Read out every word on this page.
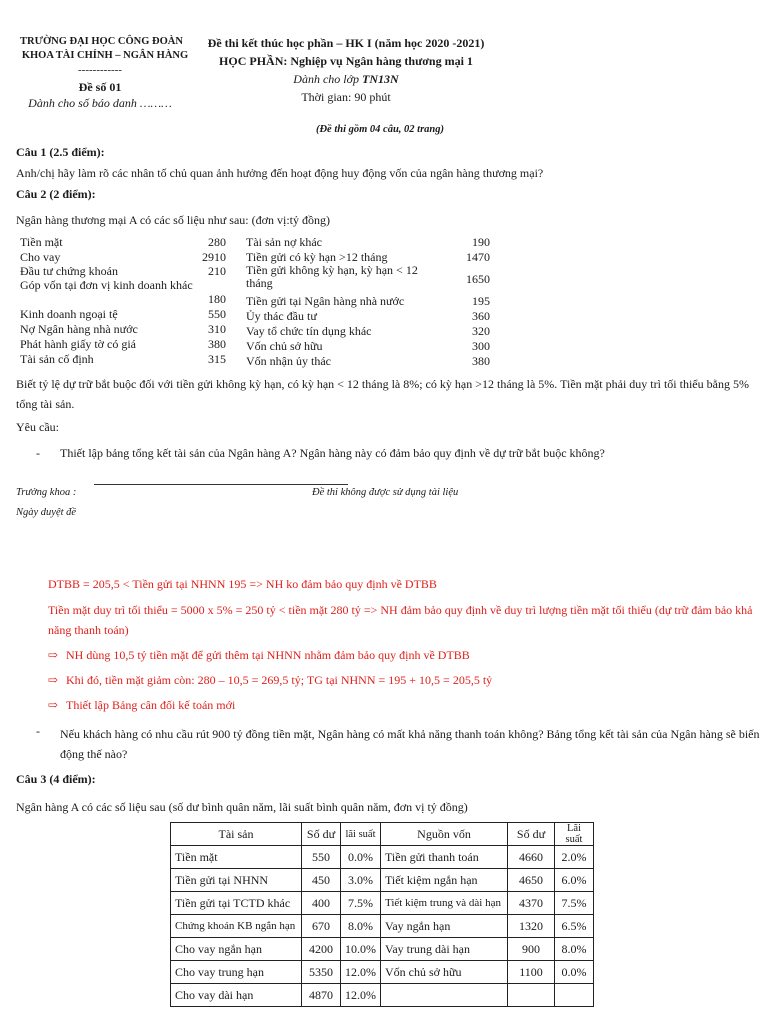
TRƯỜNG ĐẠI HỌC CÔNG ĐOÀN
KHOA TÀI CHÍNH – NGÂN HÀNG
------------
Đề số 01
Dành cho số báo danh ………
Đề thi kết thúc học phần – HK I (năm học 2020 -2021)
HỌC PHẦN: Nghiệp vụ Ngân hàng thương mại 1
Dành cho lớp TN13N
Thời gian: 90 phút
(Đề thi gồm 04 câu, 02 trang)
Câu 1 (2.5 điểm):
Anh/chị hãy làm rõ các nhân tố chủ quan ảnh hưởng đến hoạt động huy động vốn của ngân hàng thương mại?
Câu 2 (2 điểm):
Ngân hàng thương mại A có các số liệu như sau: (đơn vị:tỷ đồng)
Tiền mặt	280
Cho vay	2910
Đầu tư chứng khoán	210
Góp vốn tại đơn vị kinh doanh khác
180
Kinh doanh ngoại tệ	550
Nợ Ngân hàng nhà nước	310
Phát hành giấy tờ có giá	380
Tài sản cố định	315
Tài sản nợ khác	190
Tiền gửi có kỳ hạn >12 tháng	1470
Tiền gửi không kỳ hạn, kỳ hạn < 12 tháng	1650
Tiền gửi tại Ngân hàng nhà nước	195
Ủy thác đầu tư	360
Vay tổ chức tín dụng khác	320
Vốn chủ sở hữu	300
Vốn nhận ủy thác	380
Biết tỷ lệ dự trữ bắt buộc đối với tiền gửi không kỳ hạn, có kỳ hạn < 12 tháng là 8%; có kỳ hạn >12 tháng là 5%. Tiền mặt phải duy trì tối thiểu bằng 5% tổng tài sản.
Yêu cầu:
- Thiết lập bảng tổng kết tài sản của Ngân hàng A? Ngân hàng này có đảm bảo quy định về dự trữ bắt buộc không?
Trưởng khoa :	Đề thi không được sử dụng tài liệu
Ngày duyệt đề
DTBB = 205,5 < Tiền gửi tại NHNN 195 => NH ko đảm bảo quy định về DTBB
Tiền mặt duy trì tối thiểu = 5000 x 5% = 250 tỷ < tiền mặt 280 tỷ => NH đảm bảo quy định về duy trì lượng tiền mặt tối thiểu (dự trữ đảm bảo khả năng thanh toán)
⇨ NH dùng 10,5 tỷ tiền mặt để gửi thêm tại NHNN nhằm đảm bảo quy định về DTBB
⇨ Khi đó, tiền mặt giảm còn: 280 – 10,5 = 269,5 tỷ; TG tại NHNN = 195 + 10,5 = 205,5 tỷ
⇨ Thiết lập Bảng cân đối kế toán mới
- Nếu khách hàng có nhu cầu rút 900 tỷ đồng tiền mặt, Ngân hàng có mất khả năng thanh toán không? Bảng tổng kết tài sản của Ngân hàng sẽ biến động thế nào?
Câu 3 (4 điểm):
Ngân hàng A có các số liệu sau (số dư bình quân năm, lãi suất bình quân năm, đơn vị tỷ đồng)
Tài sản	Số dư	lãi suất	Nguồn vốn	Số dư	Lãi suất
Tiền mặt	550	0.0%	Tiền gửi thanh toán	4660	2.0%
Tiền gửi tại NHNN	450	3.0%	Tiết kiệm ngắn hạn	4650	6.0%
Tiền gửi tại TCTD khác	400	7.5%	Tiết kiệm trung và dài hạn	4370	7.5%
Chứng khoán KB ngắn hạn	670	8.0%	Vay ngắn hạn	1320	6.5%
Cho vay ngắn hạn	4200	10.0%	Vay trung dài hạn	900	8.0%
Cho vay trung hạn	5350	12.0%	Vốn chủ sở hữu	1100	0.0%
Cho vay dài hạn	4870	12.0%			
